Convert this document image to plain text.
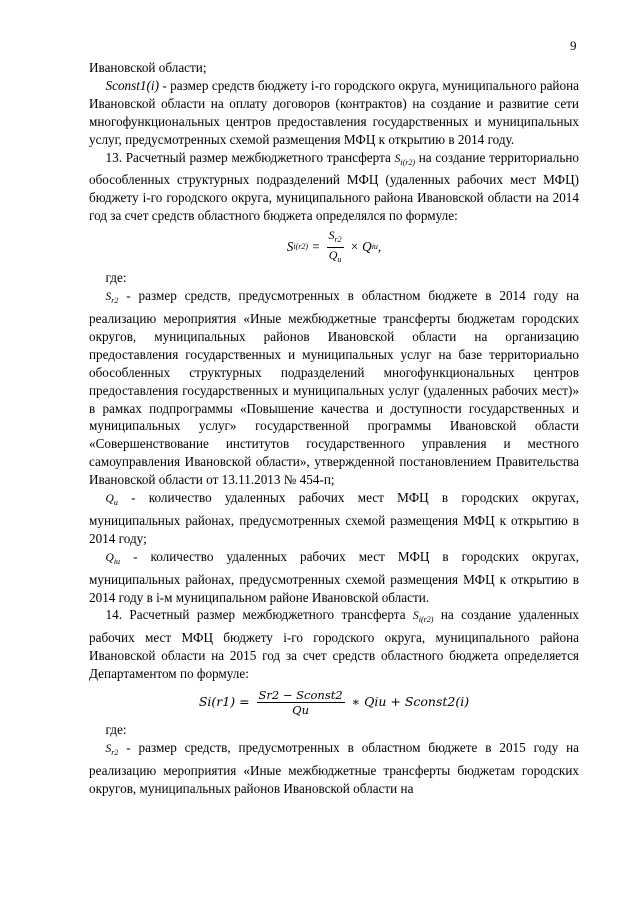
9

Ивановской области;

Sconst1(i) - размер средств бюджету i-го городского округа, муниципального района Ивановской области на оплату договоров (контрактов) на создание и развитие сети многофункциональных центров предоставления государственных и муниципальных услуг, предусмотренных схемой размещения МФЦ к открытию в 2014 году.

13. Расчетный размер межбюджетного трансферта $S_{i(r2)}$ на создание территориально обособленных структурных подразделений МФЦ (удаленных рабочих мест МФЦ) бюджету i-го городского округа, муниципального района Ивановской области на 2014 год за счет средств областного бюджета определялся по формуле:

S $i(r2) = \frac{S_{r2}}{Q_u} \times Q$ iu ,

где:

$S_{r2}$ - размер средств, предусмотренных в областном бюджете в 2014 году на реализацию мероприятия «Иные межбюджетные трансферты бюджетам городских округов, муниципальных районов Ивановской области на организацию предоставления государственных и муниципальных услуг на базе территориально обособленных структурных подразделений многофункциональных центров предоставления государственных и муниципальных услуг (удаленных рабочих мест)» в рамках подпрограммы «Повышение качества и доступности государственных и муниципальных услуг» государственной программы Ивановской области «Совершенствование институтов государственного управления и местного самоуправления Ивановской области», утвержденной постановлением Правительства Ивановской области от 13.11.2013 № 454-п;

$Q_u$ - количество удаленных рабочих мест МФЦ в городских округах, муниципальных районах, предусмотренных схемой размещения МФЦ к открытию в 2014 году;

$Q_{iu}$ - количество удаленных рабочих мест МФЦ в городских округах, муниципальных районах, предусмотренных схемой размещения МФЦ к открытию в 2014 году в i-м муниципальном районе Ивановской области.

14. Расчетный размер межбюджетного трансферта $S_{i(r2)}$ на создание удаленных рабочих мест МФЦ бюджету i-го городского округа, муниципального района Ивановской области на 2015 год за счет средств областного бюджета определяется Департаментом по формуле:

$Si(r1) = \frac{\text{Sr2 − Sconst2}}{Qu}$ ∗ Qiu + Sconst2(i)

где:

$S_{r2}$ - размер средств, предусмотренных в областном бюджете в 2015 году на реализацию мероприятия «Иные межбюджетные трансферты бюджетам городских округов, муниципальных районов Ивановской области на
